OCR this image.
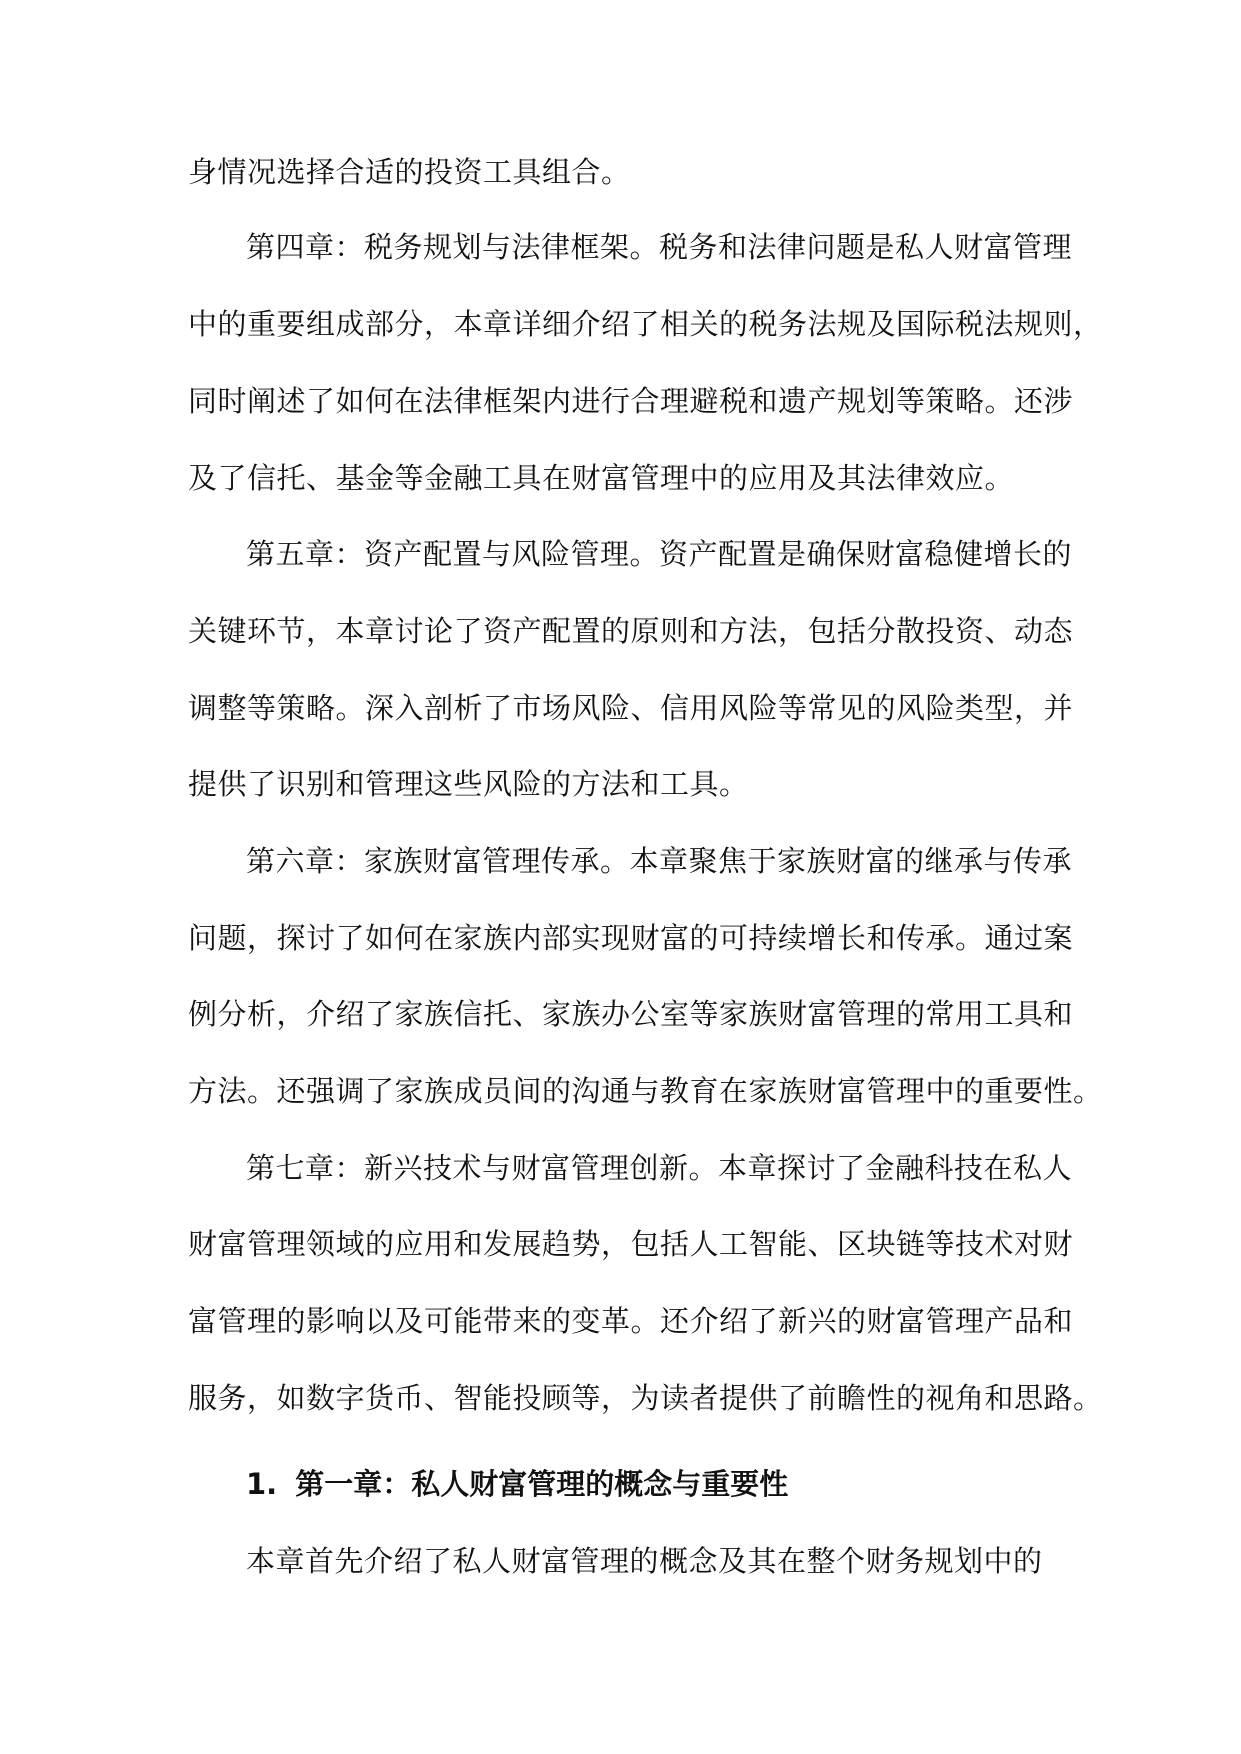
身情况选择合适的投资工具组合。
第四章：税务规划与法律框架。税务和法律问题是私人财富管理
中的重要组成部分，本章详细介绍了相关的税务法规及国际税法规则，
同时阐述了如何在法律框架内进行合理避税和遗产规划等策略。还涉
及了信托、基金等金融工具在财富管理中的应用及其法律效应。
第五章：资产配置与风险管理。资产配置是确保财富稳健增长的
关键环节，本章讨论了资产配置的原则和方法，包括分散投资、动态
调整等策略。深入剖析了市场风险、信用风险等常见的风险类型，并
提供了识别和管理这些风险的方法和工具。
第六章：家族财富管理传承。本章聚焦于家族财富的继承与传承
问题，探讨了如何在家族内部实现财富的可持续增长和传承。通过案
例分析，介绍了家族信托、家族办公室等家族财富管理的常用工具和
方法。还强调了家族成员间的沟通与教育在家族财富管理中的重要性。
第七章：新兴技术与财富管理创新。本章探讨了金融科技在私人
财富管理领域的应用和发展趋势，包括人工智能、区块链等技术对财
富管理的影响以及可能带来的变革。还介绍了新兴的财富管理产品和
服务，如数字货币、智能投顾等，为读者提供了前瞻性的视角和思路。
1. 第一章：私人财富管理的概念与重要性
本章首先介绍了私人财富管理的概念及其在整个财务规划中的
